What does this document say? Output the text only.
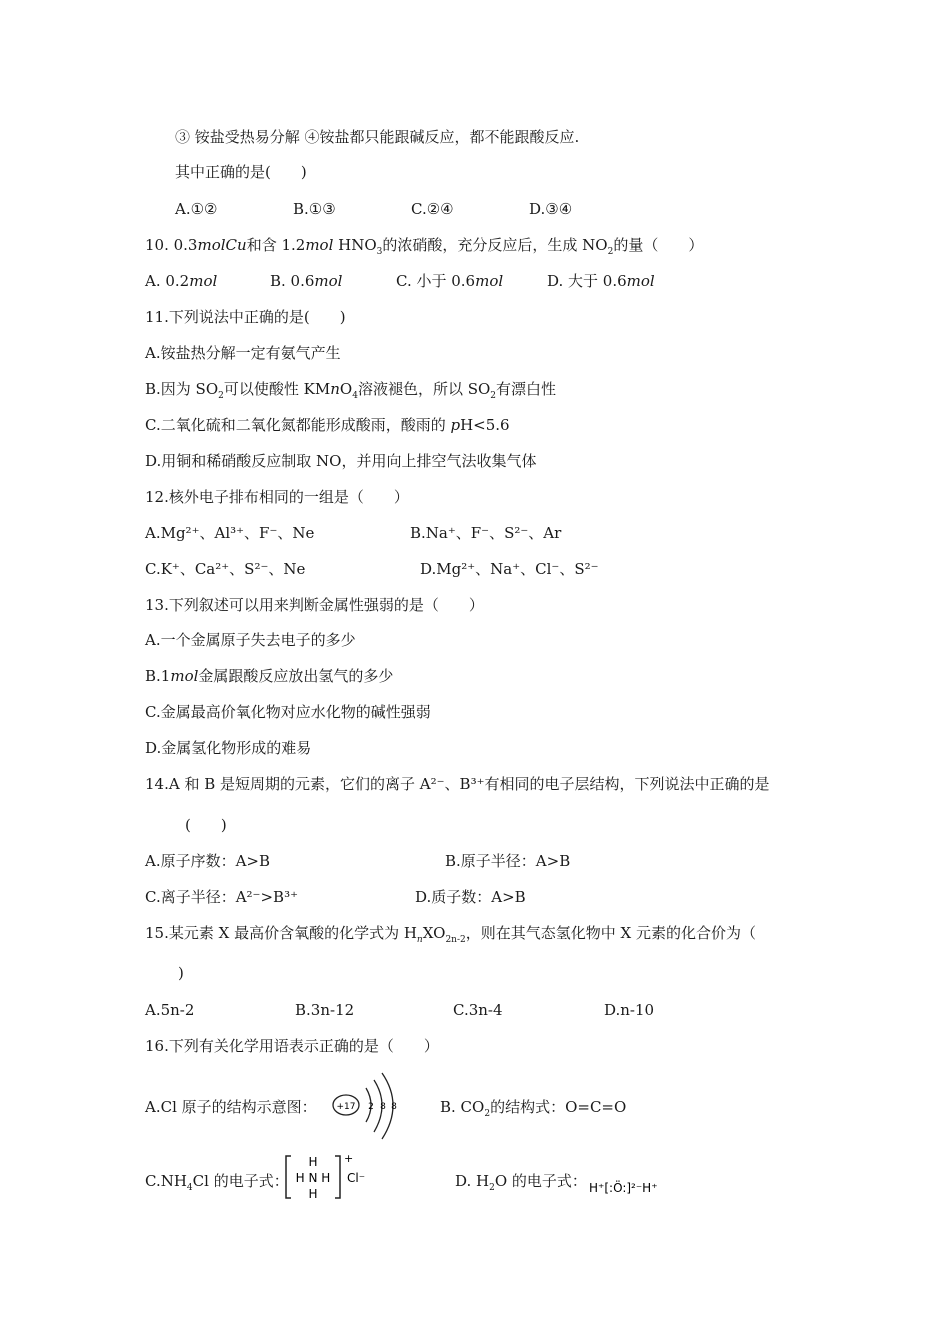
③ 铵盐受热易分解 ④铵盐都只能跟碱反应，都不能跟酸反应.
其中正确的是(　　)
A.①②	B.①③	C.②④	D.③④
10. 0.3molCu和含 1.2mol $HNO_3$的浓硝酸，充分反应后，生成 $NO_2$的量（　　）
A. 0.2mol	B. 0.6mol	C. 小于 0.6mol	D. 大于 0.6mol
11.下列说法中正确的是(　　)
A.铵盐热分解一定有氨气产生
B.因为 $SO_2$可以使酸性 KMnO$_4$溶液褪色，所以 $SO_2$有漂白性
C.二氧化硫和二氧化氮都能形成酸雨，酸雨的 pH<5.6
D.用铜和稀硝酸反应制取 NO，并用向上排空气法收集气体
12.核外电子排布相同的一组是（　　）
A.Mg²⁺、Al³⁺、F⁻、Ne	B.Na⁺、F⁻、S²⁻、Ar
C.K⁺、Ca²⁺、S²⁻、Ne	D.Mg²⁺、Na⁺、Cl⁻、S²⁻
13.下列叙述可以用来判断金属性强弱的是（　　）
A.一个金属原子失去电子的多少
B.1mol金属跟酸反应放出氢气的多少
C.金属最高价氧化物对应水化物的碱性强弱
D.金属氢化物形成的难易
14.A 和 B 是短周期的元素，它们的离子 A²⁻、B³⁺有相同的电子层结构，下列说法中正确的是
(　　)
A.原子序数：A>B	B.原子半径：A>B
C.离子半径：A²⁻>B³⁺	D.质子数：A>B
15.某元素 X 最高价含氧酸的化学式为 $H_nXO_{2n-2}$，则在其气态氢化物中 X 元素的化合价为（
)
A.5n-2	B.3n-12	C.3n-4	D.n-10
16.下列有关化学用语表示正确的是（　　）
A.Cl 原子的结构示意图： +17 2 8 8	B. $CO_2$的结构式：O=C=O
$C.NH_4Cl$ 的电子式：
H
H N H
H
+
Cl⁻	D. $H_2O$ 的电子式： H⁺[:Ö:]²⁻H⁺
